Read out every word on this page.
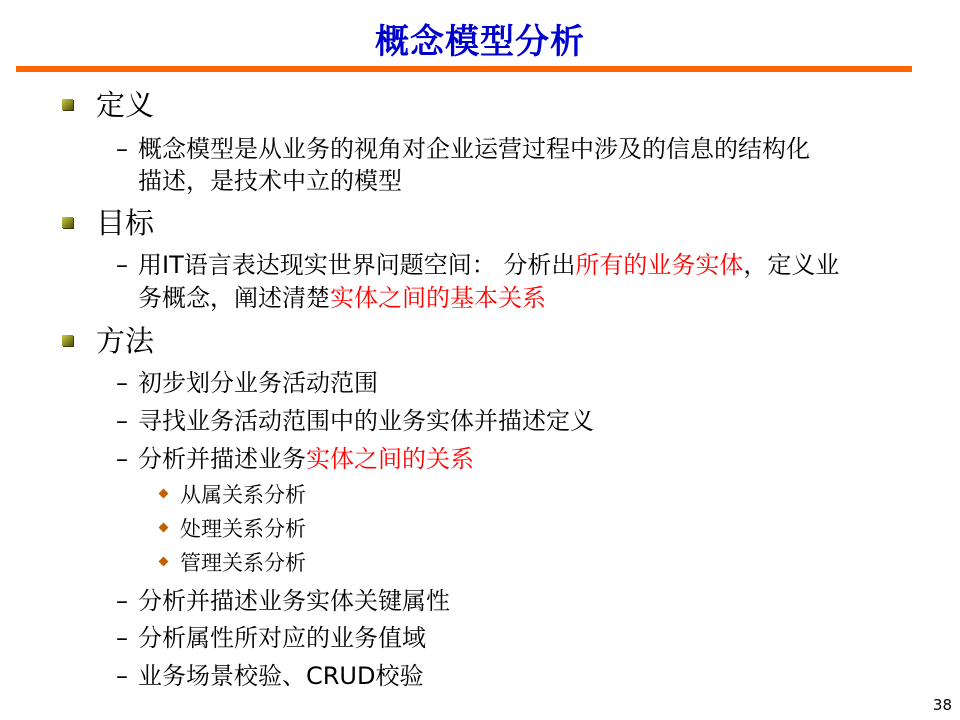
概念模型分析
定义
– 概念模型是从业务的视角对企业运营过程中涉及的信息的结构化
描述，是技术中立的模型
目标
– 用IT语言表达现实世界问题空间： 分析出所有的业务实体，定义业
务概念，阐述清楚实体之间的基本关系
方法
– 初步划分业务活动范围
– 寻找业务活动范围中的业务实体并描述定义
– 分析并描述业务实体之间的关系
从属关系分析
处理关系分析
管理关系分析
– 分析并描述业务实体关键属性
– 分析属性所对应的业务值域
– 业务场景校验、CRUD校验
38
